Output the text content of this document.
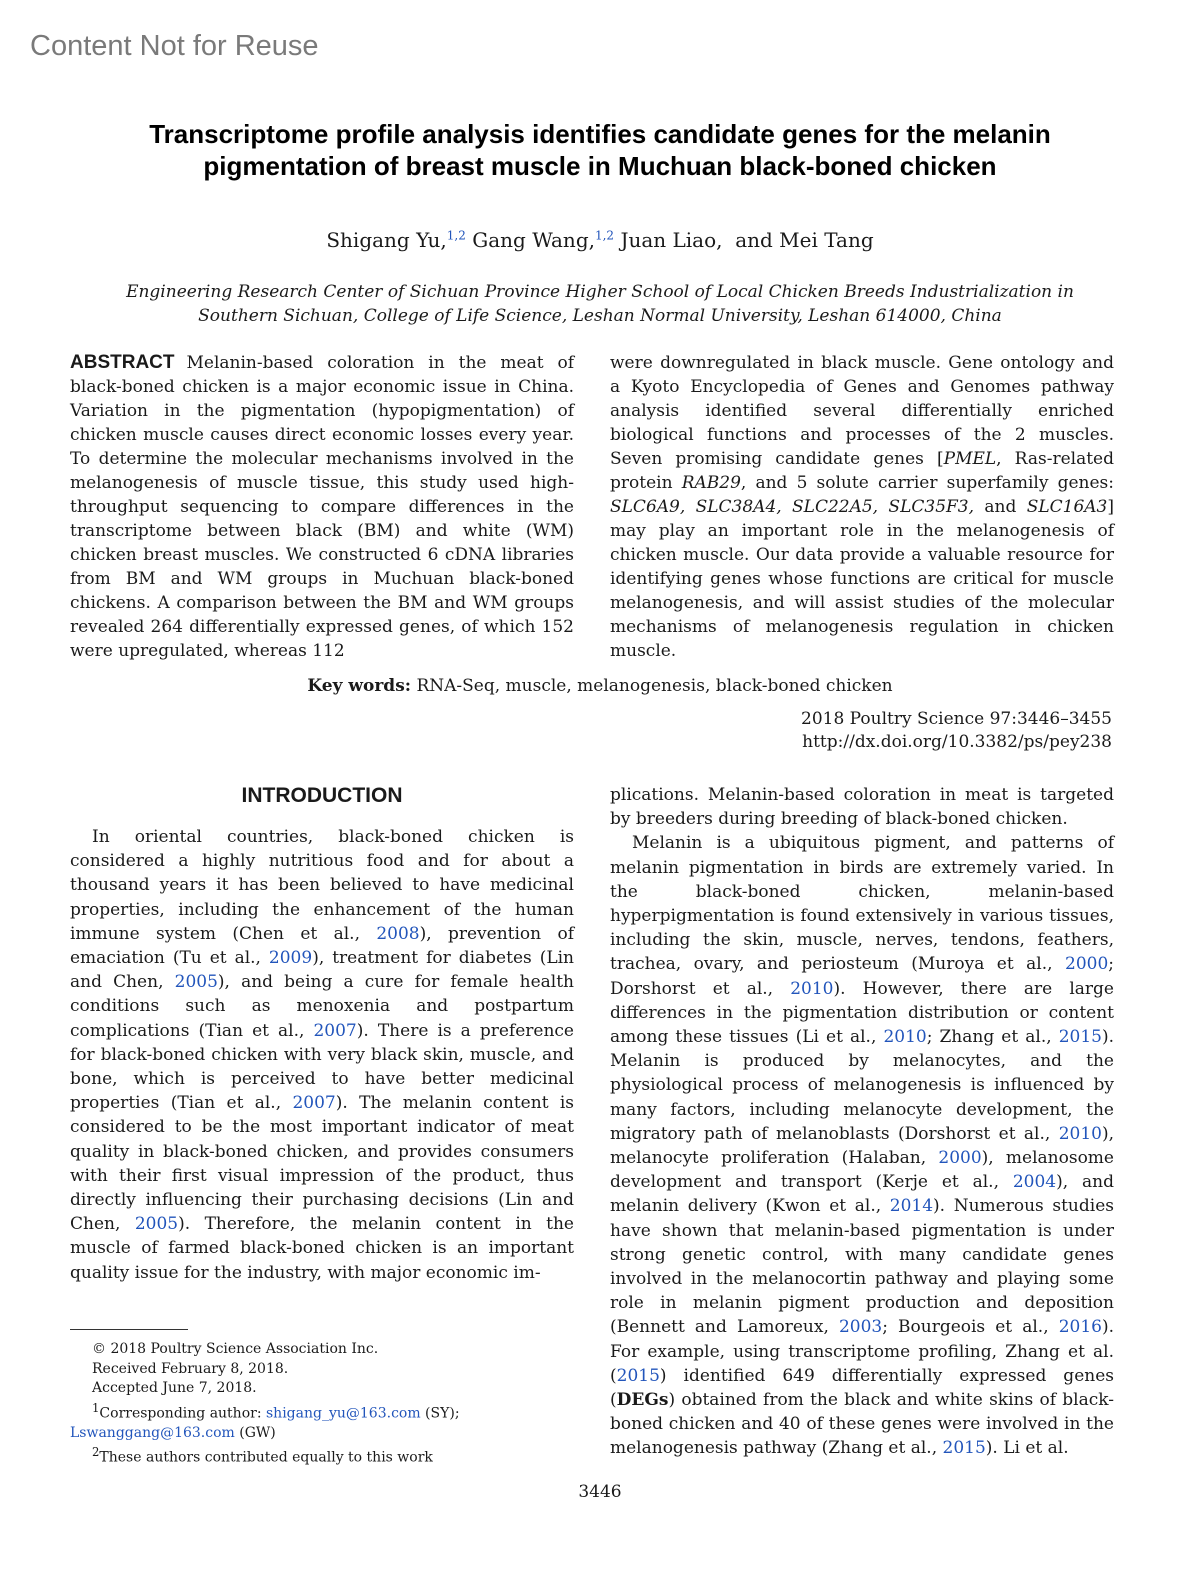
Content Not for Reuse
Transcriptome profile analysis identifies candidate genes for the melanin
pigmentation of breast muscle in Muchuan black-boned chicken
Shigang Yu,$^{1,2}$ Gang Wang,$^{1,2}$ Juan Liao, and Mei Tang
Engineering Research Center of Sichuan Province Higher School of Local Chicken Breeds Industrialization in
Southern Sichuan, College of Life Science, Leshan Normal University, Leshan 614000, China
ABSTRACT Melanin-based coloration in the meat of black-boned chicken is a major economic issue in China. Variation in the pigmentation (hypopigmentation) of chicken muscle causes direct economic losses every year. To determine the molecular mechanisms involved in the melanogenesis of muscle tissue, this study used high-throughput sequencing to compare differences in the transcriptome between black (BM) and white (WM) chicken breast muscles. We constructed 6 cDNA libraries from BM and WM groups in Muchuan black-boned chickens. A comparison between the BM and WM groups revealed 264 differentially expressed genes, of which 152 were upregulated, whereas 112
were downregulated in black muscle. Gene ontology and a Kyoto Encyclopedia of Genes and Genomes pathway analysis identified several differentially enriched biological functions and processes of the 2 muscles. Seven promising candidate genes [PMEL, Ras-related protein RAB29, and 5 solute carrier superfamily genes: SLC6A9, SLC38A4, SLC22A5, SLC35F3, and SLC16A3] may play an important role in the melanogenesis of chicken muscle. Our data provide a valuable resource for identifying genes whose functions are critical for muscle melanogenesis, and will assist studies of the molecular mechanisms of melanogenesis regulation in chicken muscle.
Key words: RNA-Seq, muscle, melanogenesis, black-boned chicken
2018 Poultry Science 97:3446–3455
http://dx.doi.org/10.3382/ps/pey238
INTRODUCTION

In oriental countries, black-boned chicken is considered a highly nutritious food and for about a thousand years it has been believed to have medicinal properties, including the enhancement of the human immune system (Chen et al., 2008), prevention of emaciation (Tu et al., 2009), treatment for diabetes (Lin and Chen, 2005), and being a cure for female health conditions such as menoxenia and postpartum complications (Tian et al., 2007). There is a preference for black-boned chicken with very black skin, muscle, and bone, which is perceived to have better medicinal properties (Tian et al., 2007). The melanin content is considered to be the most important indicator of meat quality in black-boned chicken, and provides consumers with their first visual impression of the product, thus directly influencing their purchasing decisions (Lin and Chen, 2005). Therefore, the melanin content in the muscle of farmed black-boned chicken is an important quality issue for the industry, with major economic im-

plications. Melanin-based coloration in meat is targeted by breeders during breeding of black-boned chicken.

Melanin is a ubiquitous pigment, and patterns of melanin pigmentation in birds are extremely varied. In the black-boned chicken, melanin-based hyperpigmentation is found extensively in various tissues, including the skin, muscle, nerves, tendons, feathers, trachea, ovary, and periosteum (Muroya et al., 2000; Dorshorst et al., 2010). However, there are large differences in the pigmentation distribution or content among these tissues (Li et al., 2010; Zhang et al., 2015). Melanin is produced by melanocytes, and the physiological process of melanogenesis is influenced by many factors, including melanocyte development, the migratory path of melanoblasts (Dorshorst et al., 2010), melanocyte proliferation (Halaban, 2000), melanosome development and transport (Kerje et al., 2004), and melanin delivery (Kwon et al., 2014). Numerous studies have shown that melanin-based pigmentation is under strong genetic control, with many candidate genes involved in the melanocortin pathway and playing some role in melanin pigment production and deposition (Bennett and Lamoreux, 2003; Bourgeois et al., 2016). For example, using transcriptome profiling, Zhang et al. (2015) identified 649 differentially expressed genes (DEGs) obtained from the black and white skins of black-boned chicken and 40 of these genes were involved in the melanogenesis pathway (Zhang et al., 2015). Li et al.

© 2018 Poultry Science Association Inc.
Received February 8, 2018.
Accepted June 7, 2018.
$^1$Corresponding author: shigang_yu@163.com (SY);
Lswanggang@163.com (GW)
$^2$These authors contributed equally to this work
3446
